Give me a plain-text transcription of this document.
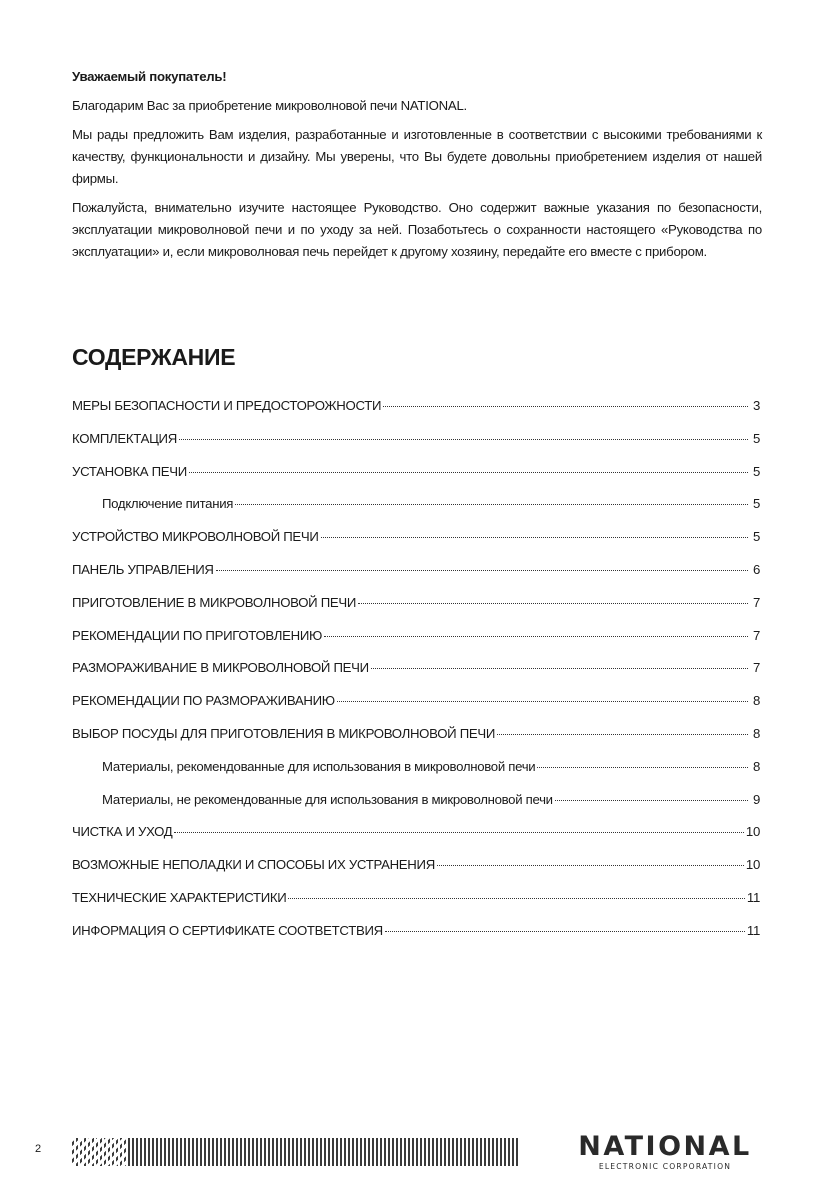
Уважаемый покупатель!

Благодарим Вас за приобретение микроволновой печи NATIONAL.

Мы рады предложить Вам изделия, разработанные и изготовленные в соответствии с высокими требованиями к качеству, функциональности и дизайну. Мы уверены, что Вы будете довольны приобретением изделия от нашей фирмы.

Пожалуйста, внимательно изучите настоящее Руководство. Оно содержит важные указания по безопасности, эксплуатации микроволновой печи и по уходу за ней. Позаботьтесь о сохранности настоящего «Руководства по эксплуатации» и, если микроволновая печь перейдет к другому хозяину, передайте его вместе с прибором.

СОДЕРЖАНИЕ
МЕРЫ БЕЗОПАСНОСТИ И ПРЕДОСТОРОЖНОСТИ	3
КОМПЛЕКТАЦИЯ	5
УСТАНОВКА ПЕЧИ	5
Подключение питания	5
УСТРОЙСТВО МИКРОВОЛНОВОЙ ПЕЧИ	5
ПАНЕЛЬ УПРАВЛЕНИЯ	6
ПРИГОТОВЛЕНИЕ В МИКРОВОЛНОВОЙ ПЕЧИ	7
РЕКОМЕНДАЦИИ ПО ПРИГОТОВЛЕНИЮ	7
РАЗМОРАЖИВАНИЕ В МИКРОВОЛНОВОЙ ПЕЧИ	7
РЕКОМЕНДАЦИИ ПО РАЗМОРАЖИВАНИЮ	8
ВЫБОР ПОСУДЫ ДЛЯ ПРИГОТОВЛЕНИЯ В МИКРОВОЛНОВОЙ ПЕЧИ	8
Материалы, рекомендованные для использования в микроволновой печи	8
Материалы, не рекомендованные для использования в микроволновой печи	9
ЧИСТКА И УХОД	10
ВОЗМОЖНЫЕ НЕПОЛАДКИ И СПОСОБЫ ИХ УСТРАНЕНИЯ	10
ТЕХНИЧЕСКИЕ ХАРАКТЕРИСТИКИ	11
ИНФОРМАЦИЯ О СЕРТИФИКАТЕ СООТВЕТСТВИЯ	11
2	NATIONAL
ELECTRONIC CORPORATION
